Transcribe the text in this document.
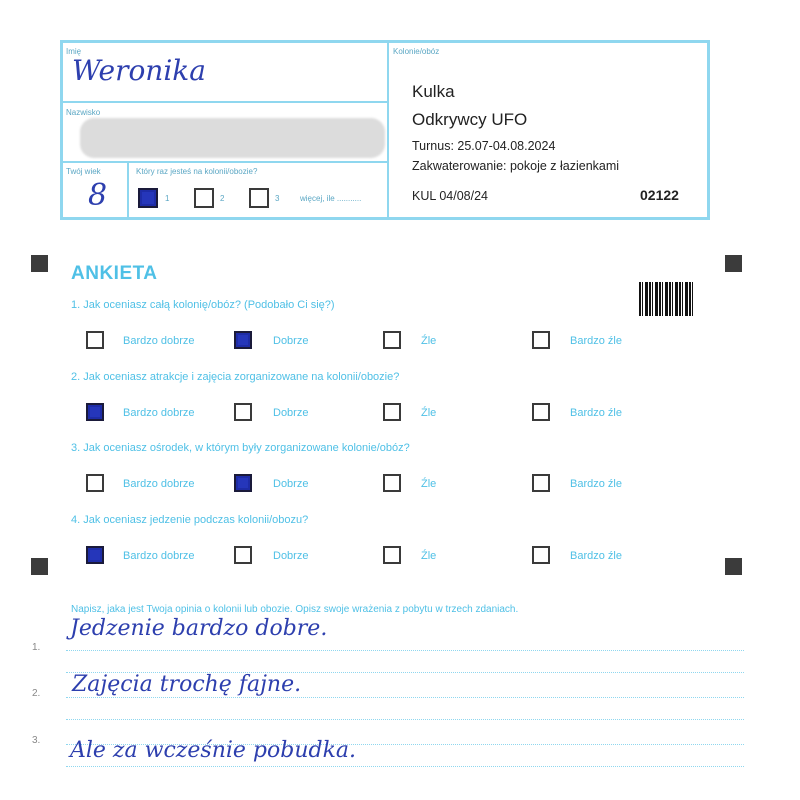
Imię
Weronika
Nazwisko
Twój wiek
8
Który raz jesteś na kolonii/obozie?
1	2	3	więcej, ile ...........
Kolonie/obóz
Kulka
Odkrywcy UFO
Turnus: 25.07-04.08.2024
Zakwaterowanie: pokoje z łazienkami
KUL 04/08/24	02122
ANKIETA
1. Jak oceniasz całą kolonię/obóz? (Podobało Ci się?)
Bardzo dobrze	Dobrze	Źle	Bardzo źle
2. Jak oceniasz atrakcje i zajęcia zorganizowane na kolonii/obozie?
Bardzo dobrze	Dobrze	Źle	Bardzo źle
3. Jak oceniasz ośrodek, w którym były zorganizowane kolonie/obóz?
Bardzo dobrze	Dobrze	Źle	Bardzo źle
4. Jak oceniasz jedzenie podczas kolonii/obozu?
Bardzo dobrze	Dobrze	Źle	Bardzo źle
Napisz, jaka jest Twoja opinia o kolonii lub obozie. Opisz swoje wrażenia z pobytu w trzech zdaniach.
1.
Jedzenie bardzo dobre.
2. Zajęcia trochę fajne.
3. Ale za wcześnie pobudka.
